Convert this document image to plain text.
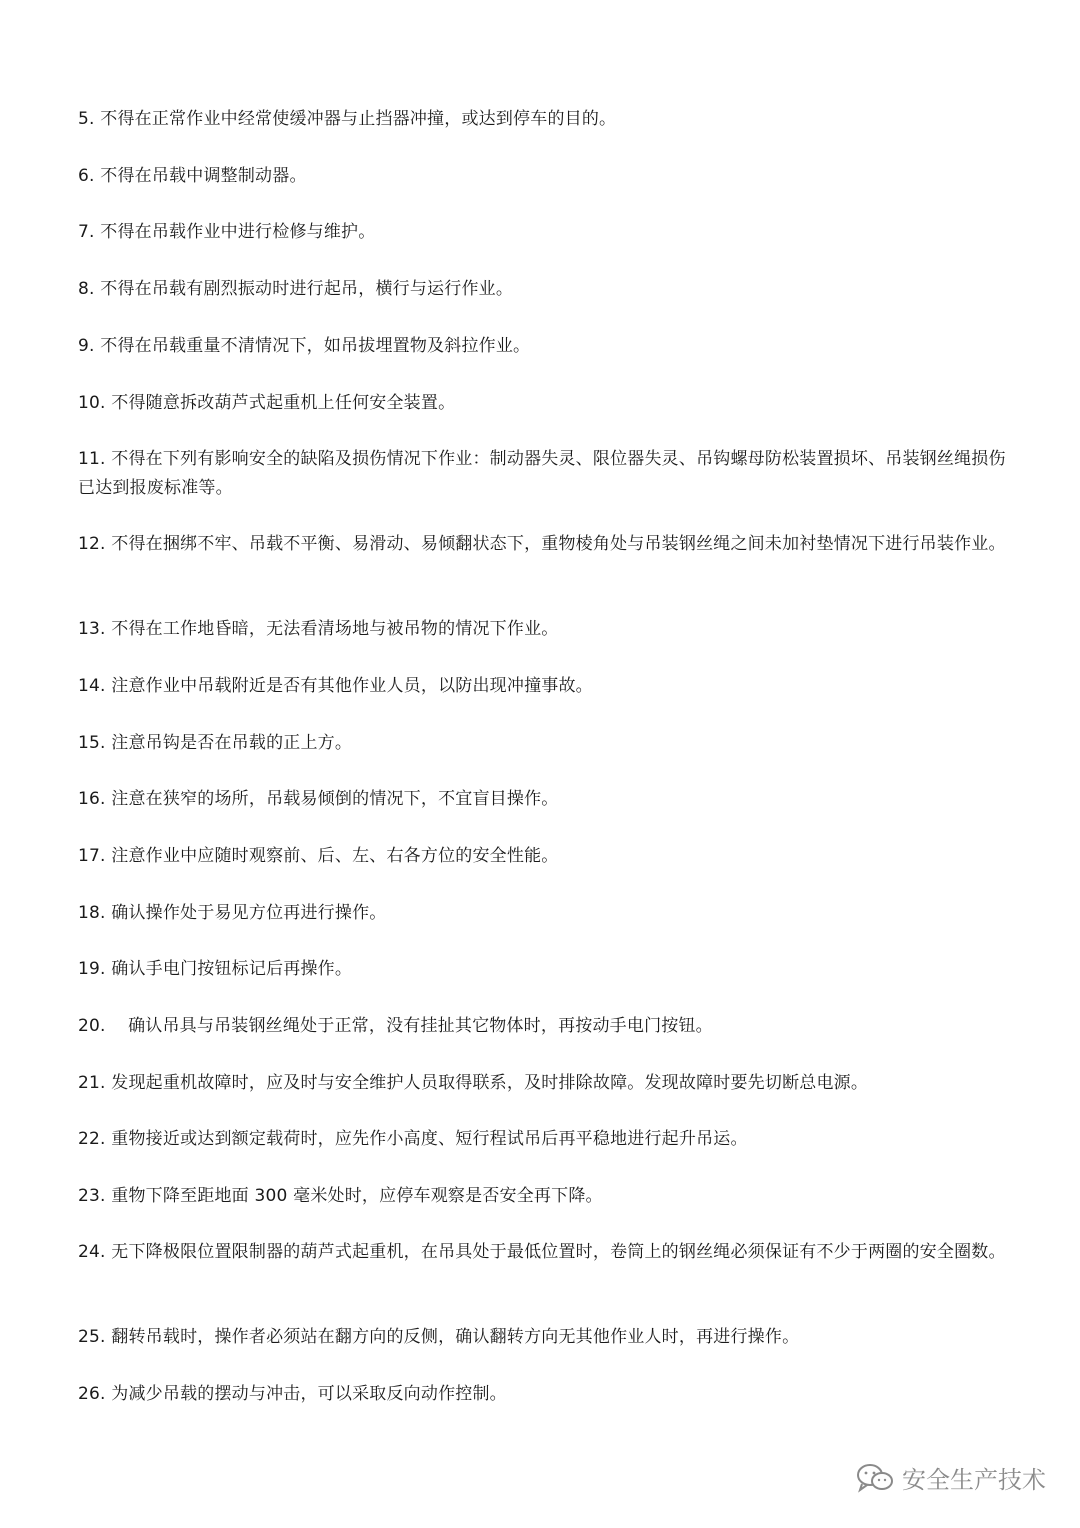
5. 不得在正常作业中经常使缓冲器与止挡器冲撞，或达到停车的目的。
6. 不得在吊载中调整制动器。
7. 不得在吊载作业中进行检修与维护。
8. 不得在吊载有剧烈振动时进行起吊，横行与运行作业。
9. 不得在吊载重量不清情况下，如吊拔埋置物及斜拉作业。
10. 不得随意拆改葫芦式起重机上任何安全装置。
11. 不得在下列有影响安全的缺陷及损伤情况下作业：制动器失灵、限位器失灵、吊钩螺母防松装置损坏、吊装钢丝绳损伤已达到报废标准等。
12. 不得在捆绑不牢、吊载不平衡、易滑动、易倾翻状态下，重物棱角处与吊装钢丝绳之间未加衬垫情况下进行吊装作业。
13. 不得在工作地昏暗，无法看清场地与被吊物的情况下作业。
14. 注意作业中吊载附近是否有其他作业人员，以防出现冲撞事故。
15. 注意吊钩是否在吊载的正上方。
16. 注意在狭窄的场所，吊载易倾倒的情况下，不宜盲目操作。
17. 注意作业中应随时观察前、后、左、右各方位的安全性能。
18. 确认操作处于易见方位再进行操作。
19. 确认手电门按钮标记后再操作。
20. 确认吊具与吊装钢丝绳处于正常，没有挂扯其它物体时，再按动手电门按钮。
21. 发现起重机故障时，应及时与安全维护人员取得联系，及时排除故障。发现故障时要先切断总电源。
22. 重物接近或达到额定载荷时，应先作小高度、短行程试吊后再平稳地进行起升吊运。
23. 重物下降至距地面 300 毫米处时，应停车观察是否安全再下降。
24. 无下降极限位置限制器的葫芦式起重机，在吊具处于最低位置时，卷筒上的钢丝绳必须保证有不少于两圈的安全圈数。
25. 翻转吊载时，操作者必须站在翻方向的反侧，确认翻转方向无其他作业人时，再进行操作。
26. 为减少吊载的摆动与冲击，可以采取反向动作控制。
安全生产技术
